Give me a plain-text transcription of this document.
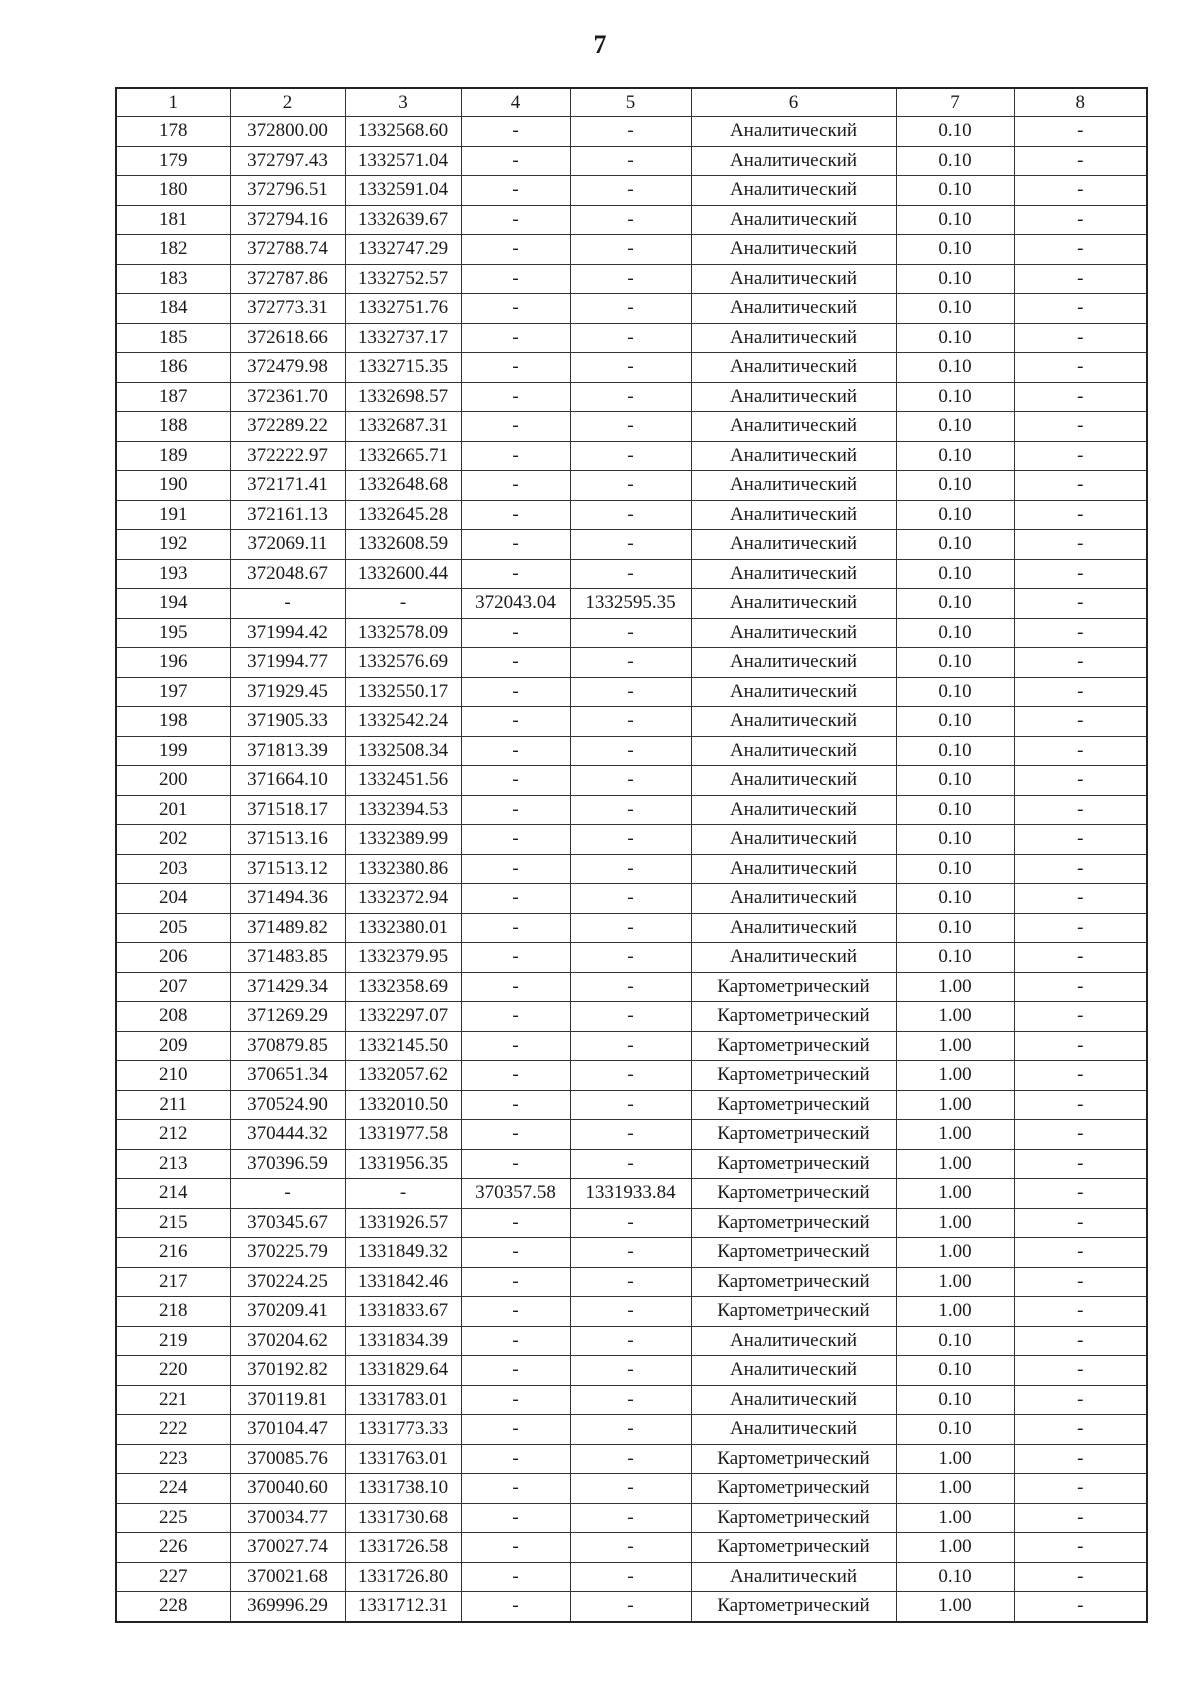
7
1	2	3	4	5	6	7	8
178	372800.00	1332568.60	-	-	Аналитический	0.10	-
179	372797.43	1332571.04	-	-	Аналитический	0.10	-
180	372796.51	1332591.04	-	-	Аналитический	0.10	-
181	372794.16	1332639.67	-	-	Аналитический	0.10	-
182	372788.74	1332747.29	-	-	Аналитический	0.10	-
183	372787.86	1332752.57	-	-	Аналитический	0.10	-
184	372773.31	1332751.76	-	-	Аналитический	0.10	-
185	372618.66	1332737.17	-	-	Аналитический	0.10	-
186	372479.98	1332715.35	-	-	Аналитический	0.10	-
187	372361.70	1332698.57	-	-	Аналитический	0.10	-
188	372289.22	1332687.31	-	-	Аналитический	0.10	-
189	372222.97	1332665.71	-	-	Аналитический	0.10	-
190	372171.41	1332648.68	-	-	Аналитический	0.10	-
191	372161.13	1332645.28	-	-	Аналитический	0.10	-
192	372069.11	1332608.59	-	-	Аналитический	0.10	-
193	372048.67	1332600.44	-	-	Аналитический	0.10	-
194	-	-	372043.04	1332595.35	Аналитический	0.10	-
195	371994.42	1332578.09	-	-	Аналитический	0.10	-
196	371994.77	1332576.69	-	-	Аналитический	0.10	-
197	371929.45	1332550.17	-	-	Аналитический	0.10	-
198	371905.33	1332542.24	-	-	Аналитический	0.10	-
199	371813.39	1332508.34	-	-	Аналитический	0.10	-
200	371664.10	1332451.56	-	-	Аналитический	0.10	-
201	371518.17	1332394.53	-	-	Аналитический	0.10	-
202	371513.16	1332389.99	-	-	Аналитический	0.10	-
203	371513.12	1332380.86	-	-	Аналитический	0.10	-
204	371494.36	1332372.94	-	-	Аналитический	0.10	-
205	371489.82	1332380.01	-	-	Аналитический	0.10	-
206	371483.85	1332379.95	-	-	Аналитический	0.10	-
207	371429.34	1332358.69	-	-	Картометрический	1.00	-
208	371269.29	1332297.07	-	-	Картометрический	1.00	-
209	370879.85	1332145.50	-	-	Картометрический	1.00	-
210	370651.34	1332057.62	-	-	Картометрический	1.00	-
211	370524.90	1332010.50	-	-	Картометрический	1.00	-
212	370444.32	1331977.58	-	-	Картометрический	1.00	-
213	370396.59	1331956.35	-	-	Картометрический	1.00	-
214	-	-	370357.58	1331933.84	Картометрический	1.00	-
215	370345.67	1331926.57	-	-	Картометрический	1.00	-
216	370225.79	1331849.32	-	-	Картометрический	1.00	-
217	370224.25	1331842.46	-	-	Картометрический	1.00	-
218	370209.41	1331833.67	-	-	Картометрический	1.00	-
219	370204.62	1331834.39	-	-	Аналитический	0.10	-
220	370192.82	1331829.64	-	-	Аналитический	0.10	-
221	370119.81	1331783.01	-	-	Аналитический	0.10	-
222	370104.47	1331773.33	-	-	Аналитический	0.10	-
223	370085.76	1331763.01	-	-	Картометрический	1.00	-
224	370040.60	1331738.10	-	-	Картометрический	1.00	-
225	370034.77	1331730.68	-	-	Картометрический	1.00	-
226	370027.74	1331726.58	-	-	Картометрический	1.00	-
227	370021.68	1331726.80	-	-	Аналитический	0.10	-
228	369996.29	1331712.31	-	-	Картометрический	1.00	-
